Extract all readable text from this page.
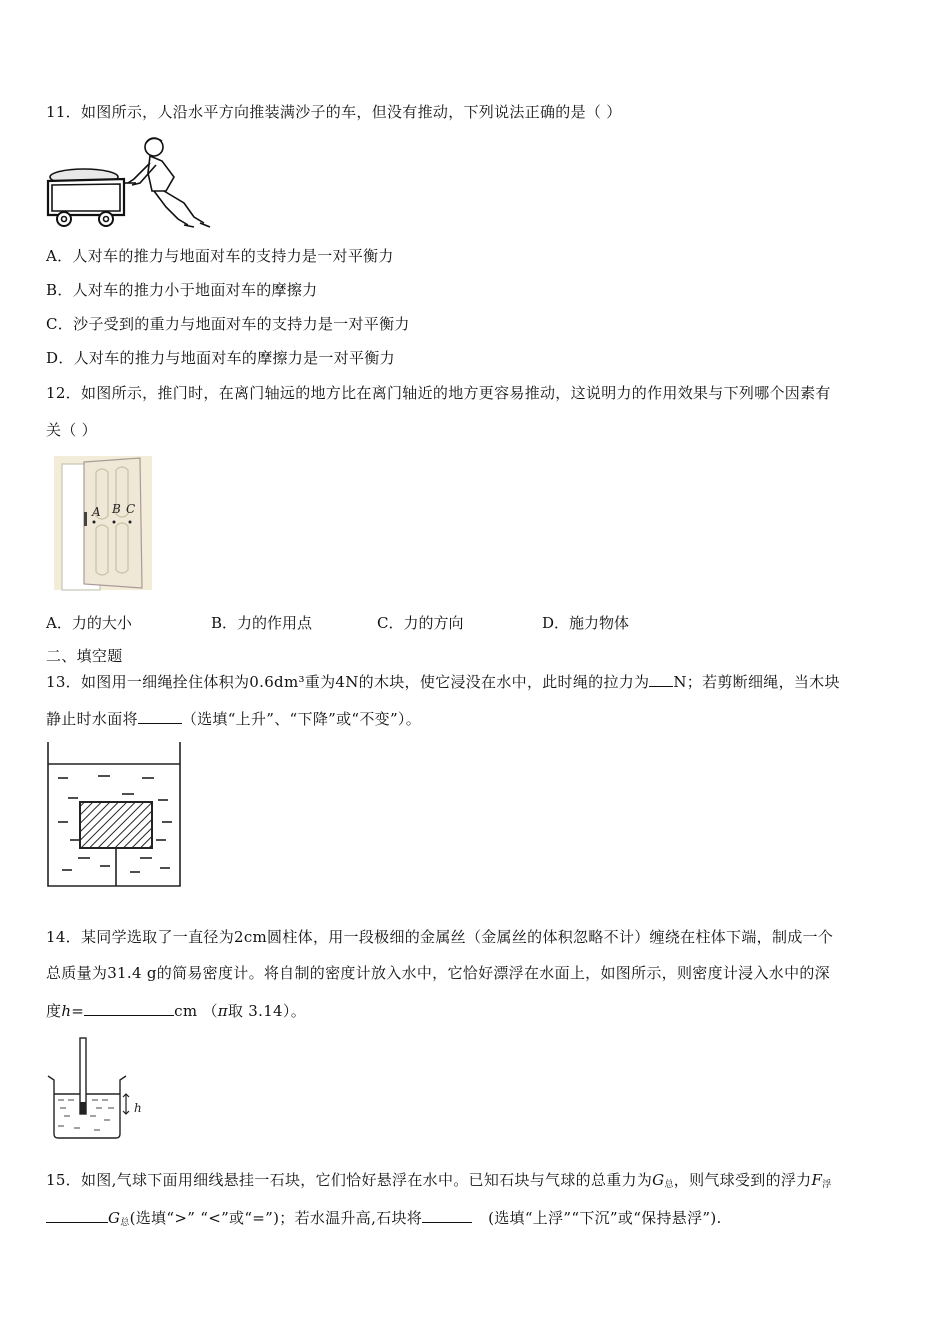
11．如图所示，人沿水平方向推装满沙子的车，但没有推动，下列说法正确的是（ ）
A．人对车的推力与地面对车的支持力是一对平衡力
B．人对车的推力小于地面对车的摩擦力
C．沙子受到的重力与地面对车的支持力是一对平衡力
D．人对车的推力与地面对车的摩擦力是一对平衡力
12．如图所示，推门时，在离门轴远的地方比在离门轴近的地方更容易推动，这说明力的作用效果与下列哪个因素有
关（ ）
A B C
A．力的大小	B．力的作用点	C．力的方向	D．施力物体
二、填空题
13．如图用一细绳拴住体积为0.6dm³重为4N的木块，使它浸没在水中，此时绳的拉力为 N；若剪断细绳，当木块
静止时水面将	（选填“上升”、“下降”或“不变”）。
14．某同学选取了一直径为2cm圆柱体，用一段极细的金属丝（金属丝的体积忽略不计）缠绕在柱体下端，制成一个
总质量为31.4 g的简易密度计。将自制的密度计放入水中，它恰好漂浮在水面上，如图所示，则密度计浸入水中的深
度h=	cm （π取 3.14）。
h
15．如图,气球下面用细线悬挂一石块，它们恰好悬浮在水中。已知石块与气球的总重力为$G_总$，则气球受到的浮力$F_浮$
$G_总$(选填“>” “<”或“=”)；若水温升高,石块将	(选填“上浮”“下沉”或“保持悬浮”).
